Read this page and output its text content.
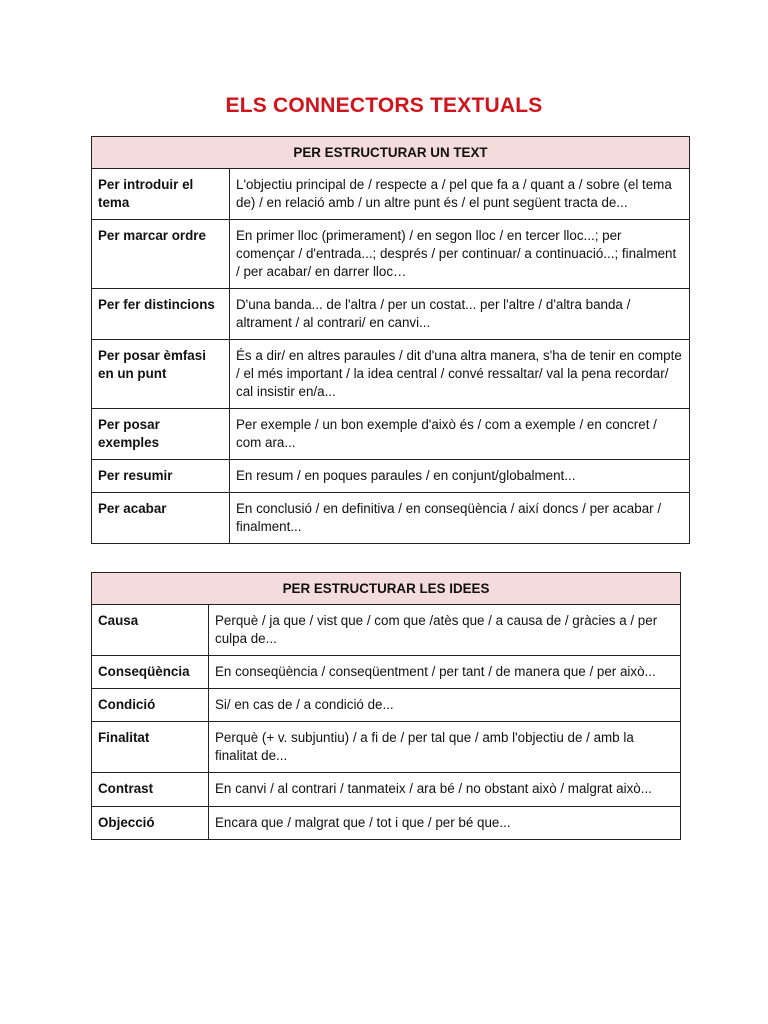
ELS CONNECTORS TEXTUALS
PER ESTRUCTURAR UN TEXT	
Per introduir el tema	L'objectiu principal de / respecte a / pel que fa a / quant a / sobre (el tema de) / en relació amb / un altre punt és / el punt següent tracta de...
Per marcar ordre	En primer lloc (primerament) / en segon lloc / en tercer lloc...; per començar / d'entrada...; després / per continuar/ a continuació...; finalment / per acabar/ en darrer lloc…
Per fer distincions	D'una banda... de l'altra / per un costat... per l'altre / d'altra banda / altrament / al contrari/ en canvi...
Per posar èmfasi en un punt	És a dir/ en altres paraules / dit d'una altra manera, s'ha de tenir en compte / el més important / la idea central / convé ressaltar/ val la pena recordar/ cal insistir en/a...
Per posar exemples	Per exemple / un bon exemple d'això és / com a exemple / en concret / com ara...
Per resumir	En resum / en poques paraules / en conjunt/globalment...
Per acabar	En conclusió / en definitiva / en conseqüència / així doncs / per acabar / finalment...
PER ESTRUCTURAR LES IDEES	
Causa	Perquè / ja que / vist que / com que /atès que / a causa de / gràcies a / per culpa de...
Conseqüència	En conseqüència / conseqüentment / per tant / de manera que / per això...
Condició	Si/ en cas de / a condició de...
Finalitat	Perquè (+ v. subjuntiu) / a fi de / per tal que / amb l'objectiu de / amb la finalitat de...
Contrast	En canvi / al contrari / tanmateix / ara bé / no obstant això / malgrat això...
Objecció	Encara que / malgrat que / tot i que / per bé que...
